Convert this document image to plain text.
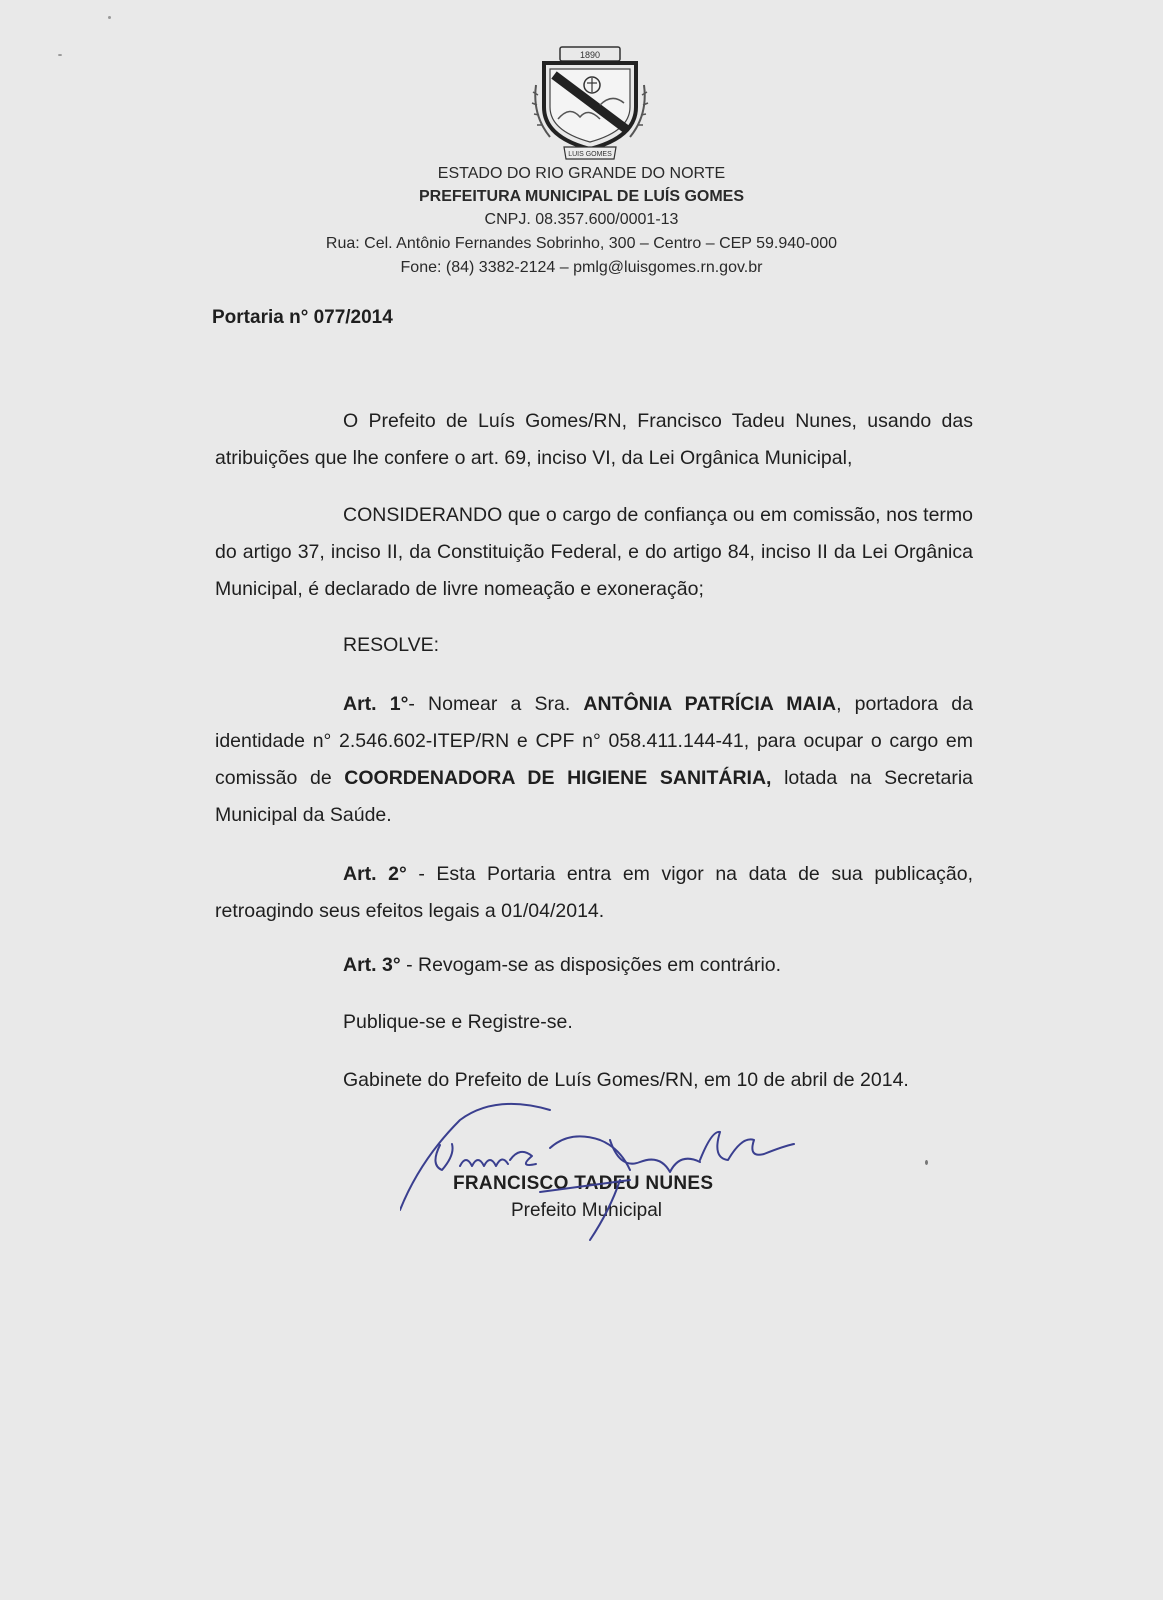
1890
LUIS GOMES
ESTADO DO RIO GRANDE DO NORTE
PREFEITURA MUNICIPAL DE LUÍS GOMES
CNPJ. 08.357.600/0001-13
Rua: Cel. Antônio Fernandes Sobrinho, 300 – Centro – CEP 59.940-000
Fone: (84) 3382-2124 – pmlg@luisgomes.rn.gov.br
Portaria n° 077/2014
O Prefeito de Luís Gomes/RN, Francisco Tadeu Nunes, usando das atribuições que lhe confere o art. 69, inciso VI, da Lei Orgânica Municipal,
CONSIDERANDO que o cargo de confiança ou em comissão, nos termo do artigo 37, inciso II, da Constituição Federal, e do artigo 84, inciso II da Lei Orgânica Municipal, é declarado de livre nomeação e exoneração;
RESOLVE:
Art. 1°- Nomear a Sra. ANTÔNIA PATRÍCIA MAIA, portadora da identidade n° 2.546.602-ITEP/RN e CPF n° 058.411.144-41, para ocupar o cargo em comissão de COORDENADORA DE HIGIENE SANITÁRIA, lotada na Secretaria Municipal da Saúde.
Art. 2° - Esta Portaria entra em vigor na data de sua publicação, retroagindo seus efeitos legais a 01/04/2014.
Art. 3° - Revogam-se as disposições em contrário.
Publique-se e Registre-se.
Gabinete do Prefeito de Luís Gomes/RN, em 10 de abril de 2014.
FRANCISCO TADEU NUNES
Prefeito Municipal
